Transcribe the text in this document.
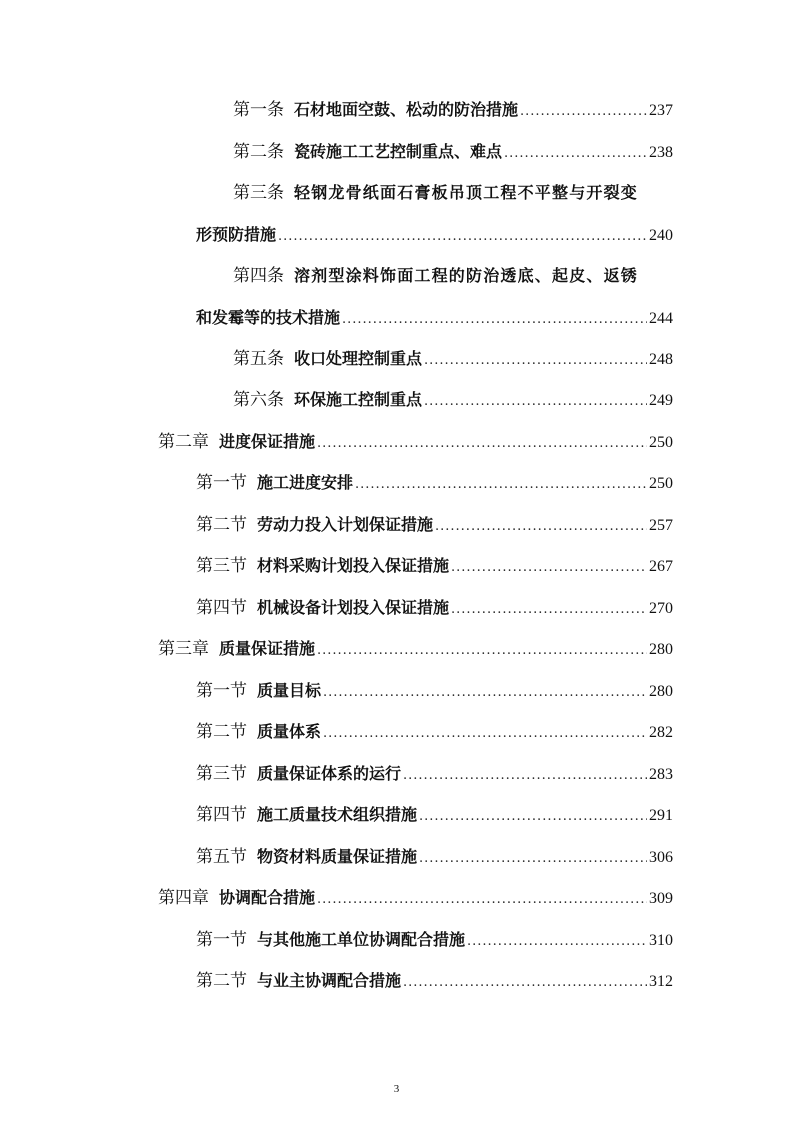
第一条 石材地面空鼓、松动的防治措施 .....	237
第二条 瓷砖施工工艺控制重点、难点 .....	238
第三条 轻钢龙骨纸面石膏板吊顶工程不平整与开裂变
形预防措施 .....	240
第四条 溶剂型涂料饰面工程的防治透底、起皮、返锈
和发霉等的技术措施 .....	244
第五条 收口处理控制重点 .....	248
第六条 环保施工控制重点 .....	249
第二章 进度保证措施 .....	250
第一节 施工进度安排 .....	250
第二节 劳动力投入计划保证措施 .....	257
第三节 材料采购计划投入保证措施 .....	267
第四节 机械设备计划投入保证措施 .....	270
第三章 质量保证措施 .....	280
第一节 质量目标 .....	280
第二节 质量体系 .....	282
第三节 质量保证体系的运行 .....	283
第四节 施工质量技术组织措施 .....	291
第五节 物资材料质量保证措施 .....	306
第四章 协调配合措施 .....	309
第一节 与其他施工单位协调配合措施 .....	310
第二节 与业主协调配合措施 .....	312
3
